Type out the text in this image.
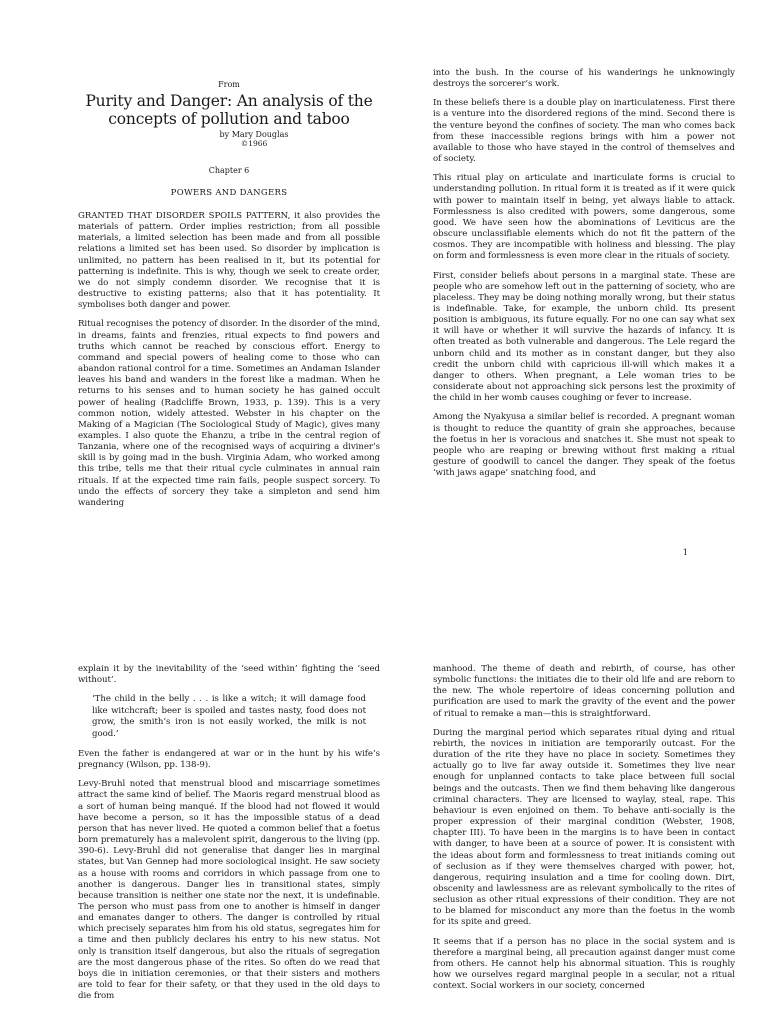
From

Purity and Danger: An analysis of the concepts of pollution and taboo

by Mary Douglas

©1966

Chapter 6

POWERS AND DANGERS

GRANTED THAT DISORDER SPOILS PATTERN, it also provides the materials of pattern. Order implies restriction; from all possible materials, a limited selection has been made and from all possible relations a limited set has been used. So disorder by implication is unlimited, no pattern has been realised in it, but its potential for patterning is indefinite. This is why, though we seek to create order, we do not simply condemn disorder. We recognise that it is destructive to existing patterns; also that it has potentiality. It symbolises both danger and power.

Ritual recognises the potency of disorder. In the disorder of the mind, in dreams, faints and frenzies, ritual expects to find powers and truths which cannot be reached by conscious effort. Energy to command and special powers of healing come to those who can abandon rational control for a time. Sometimes an Andaman Islander leaves his band and wanders in the forest like a madman. When he returns to his senses and to human society he has gained occult power of healing (Radcliffe Brown, 1933, p. 139). This is a very common notion, widely attested. Webster in his chapter on the Making of a Magician (The Sociological Study of Magic), gives many examples. I also quote the Ehanzu, a tribe in the central region of Tanzania, where one of the recognised ways of acquiring a diviner’s skill is by going mad in the bush. Virginia Adam, who worked among this tribe, tells me that their ritual cycle culminates in annual rain rituals. If at the expected time rain fails, people suspect sorcery. To undo the effects of sorcery they take a simpleton and send him wandering

into the bush. In the course of his wanderings he unknowingly destroys the sorcerer’s work.

In these beliefs there is a double play on inarticulateness. First there is a venture into the disordered regions of the mind. Second there is the venture beyond the confines of society. The man who comes back from these inaccessible regions brings with him a power not available to those who have stayed in the control of themselves and of society.

This ritual play on articulate and inarticulate forms is crucial to understanding pollution. In ritual form it is treated as if it were quick with power to maintain itself in being, yet always liable to attack. Formlessness is also credited with powers, some dangerous, some good. We have seen how the abominations of Leviticus are the obscure unclassifiable elements which do not fit the pattern of the cosmos. They are incompatible with holiness and blessing. The play on form and formlessness is even more clear in the rituals of society.

First, consider beliefs about persons in a marginal state. These are people who are somehow left out in the patterning of society, who are placeless. They may be doing nothing morally wrong, but their status is indefinable. Take, for example, the unborn child. Its present position is ambiguous, its future equally. For no one can say what sex it will have or whether it will survive the hazards of infancy. It is often treated as both vulnerable and dangerous. The Lele regard the unborn child and its mother as in constant danger, but they also credit the unborn child with capricious ill-will which makes it a danger to others. When pregnant, a Lele woman tries to be considerate about not approaching sick persons lest the proximity of the child in her womb causes coughing or fever to increase.

Among the Nyakyusa a similar belief is recorded. A pregnant woman is thought to reduce the quantity of grain she approaches, because the foetus in her is voracious and snatches it. She must not speak to people who are reaping or brewing without first making a ritual gesture of goodwill to cancel the danger. They speak of the foetus ‘with jaws agape’ snatching food, and

1

explain it by the inevitability of the ‘seed within’ fighting the ‘seed without’.

‘The child in the belly . . . is like a witch; it will damage food like witchcraft; beer is spoiled and tastes nasty, food does not grow, the smith’s iron is not easily worked, the milk is not good.’

Even the father is endangered at war or in the hunt by his wife’s pregnancy (Wilson, pp. 138-9).

Levy-Bruhl noted that menstrual blood and miscarriage sometimes attract the same kind of belief. The Maoris regard menstrual blood as a sort of human being manqué. If the blood had not flowed it would have become a person, so it has the impossible status of a dead person that has never lived. He quoted a common belief that a foetus born prematurely has a malevolent spirit, dangerous to the living (pp. 390-6). Levy-Bruhl did not generalise that danger lies in marginal states, but Van Gennep had more sociological insight. He saw society as a house with rooms and corridors in which passage from one to another is dangerous. Danger lies in transitional states, simply because transition is neither one state nor the next, it is undefinable. The person who must pass from one to another is himself in danger and emanates danger to others. The danger is controlled by ritual which precisely separates him from his old status, segregates him for a time and then publicly declares his entry to his new status. Not only is transition itself dangerous, but also the rituals of segregation are the most dangerous phase of the rites. So often do we read that boys die in initiation ceremonies, or that their sisters and mothers are told to fear for their safety, or that they used in the old days to die from

manhood. The theme of death and rebirth, of course, has other symbolic functions: the initiates die to their old life and are reborn to the new. The whole repertoire of ideas concerning pollution and purification are used to mark the gravity of the event and the power of ritual to remake a man—this is straightforward.

During the marginal period which separates ritual dying and ritual rebirth, the novices in initiation are temporarily outcast. For the duration of the rite they have no place in society. Sometimes they actually go to live far away outside it. Sometimes they live near enough for unplanned contacts to take place between full social beings and the outcasts. Then we find them behaving like dangerous criminal characters. They are licensed to waylay, steal, rape. This behaviour is even enjoined on them. To behave anti-socially is the proper expression of their marginal condition (Webster, 1908, chapter III). To have been in the margins is to have been in contact with danger, to have been at a source of power. It is consistent with the ideas about form and formlessness to treat initiands coming out of seclusion as if they were themselves charged with power, hot, dangerous, requiring insulation and a time for cooling down. Dirt, obscenity and lawlessness are as relevant symbolically to the rites of seclusion as other ritual expressions of their condition. They are not to be blamed for misconduct any more than the foetus in the womb for its spite and greed.

It seems that if a person has no place in the social system and is therefore a marginal being, all precaution against danger must come from others. He cannot help his abnormal situation. This is roughly how we ourselves regard marginal people in a secular, not a ritual context. Social workers in our society, concerned
